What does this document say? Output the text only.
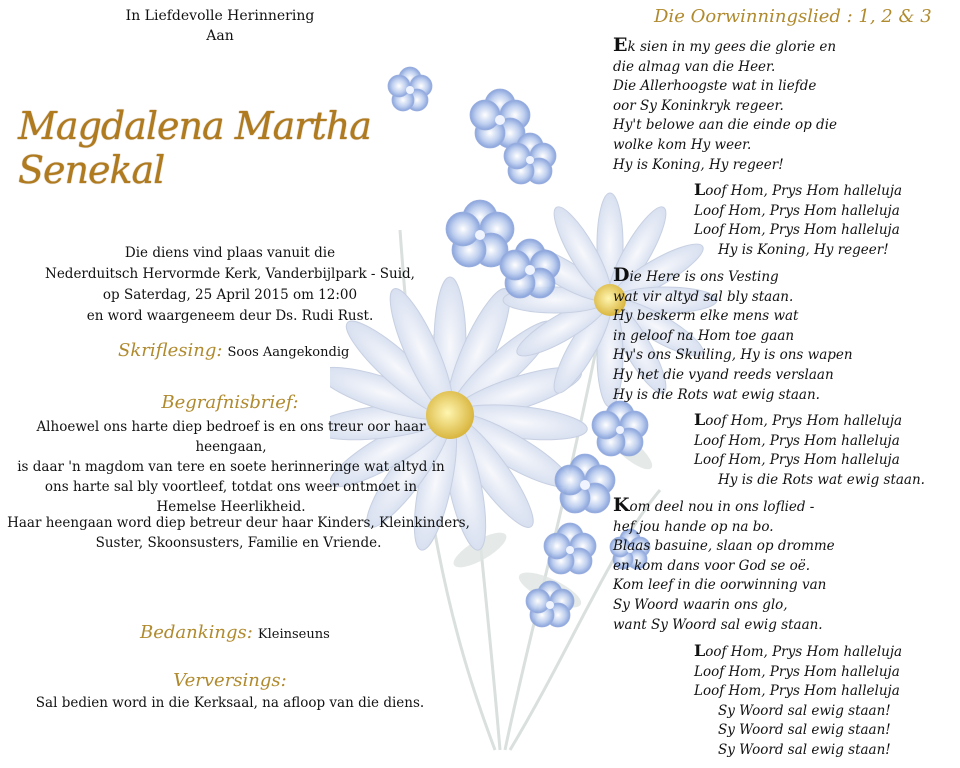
In Liefdevolle Herinnering
Aan
Magdalena Martha Senekal
Die diens vind plaas vanuit die
Nederduitsch Hervormde Kerk, Vanderbijlpark - Suid,
op Saterdag, 25 April 2015 om 12:00
en word waargeneem deur Ds. Rudi Rust.
Skriflesing: Soos Aangekondig
Begrafnisbrief:
Alhoewel ons harte diep bedroef is en ons treur oor haar heengaan,
is daar 'n magdom van tere en soete herinneringe wat altyd in
ons harte sal bly voortleef, totdat ons weer ontmoet in
Hemelse Heerlikheid.
Haar heengaan word diep betreur deur haar Kinders, Kleinkinders,
Suster, Skoonsusters, Familie en Vriende.
Bedankings: Kleinseuns
Verversings:
Sal bedien word in die Kerksaal, na afloop van die diens.
Die Oorwinningslied : 1, 2 & 3
Ek sien in my gees die glorie en
die almag van die Heer.
Die Allerhoogste wat in liefde
oor Sy Koninkryk regeer.
Hy't belowe aan die einde op die
wolke kom Hy weer.
Hy is Koning, Hy regeer!
Loof Hom, Prys Hom halleluja
Loof Hom, Prys Hom halleluja
Loof Hom, Prys Hom halleluja
Hy is Koning, Hy regeer!
Die Here is ons Vesting
wat vir altyd sal bly staan.
Hy beskerm elke mens wat
in geloof na Hom toe gaan
Hy's ons Skuiling, Hy is ons wapen
Hy het die vyand reeds verslaan
Hy is die Rots wat ewig staan.
Loof Hom, Prys Hom halleluja
Loof Hom, Prys Hom halleluja
Loof Hom, Prys Hom halleluja
Hy is die Rots wat ewig staan.
Kom deel nou in ons loflied -
hef jou hande op na bo.
Blaas basuine, slaan op dromme
en kom dans voor God se oë.
Kom leef in die oorwinning van
Sy Woord waarin ons glo,
want Sy Woord sal ewig staan.
Loof Hom, Prys Hom halleluja
Loof Hom, Prys Hom halleluja
Loof Hom, Prys Hom halleluja
Sy Woord sal ewig staan!
Sy Woord sal ewig staan!
Sy Woord sal ewig staan!
